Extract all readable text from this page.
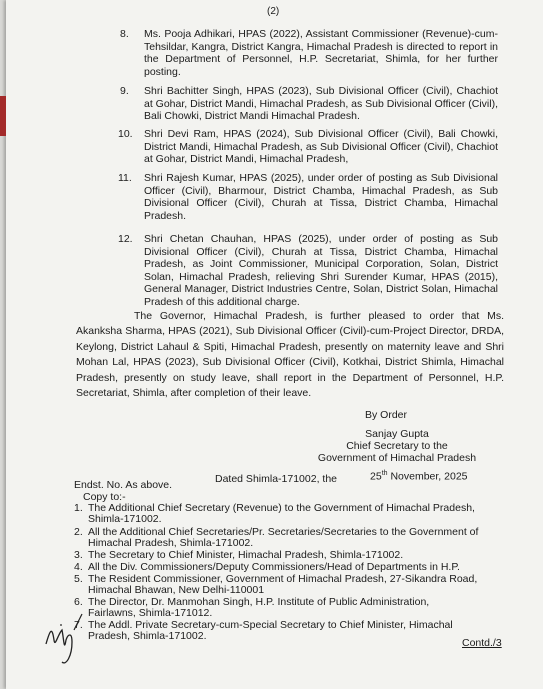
(2)
8. Ms. Pooja Adhikari, HPAS (2022), Assistant Commissioner (Revenue)-cum-Tehsildar, Kangra, District Kangra, Himachal Pradesh is directed to report in the Department of Personnel, H.P. Secretariat, Shimla, for her further posting.

9. Shri Bachitter Singh, HPAS (2023), Sub Divisional Officer (Civil), Chachiot at Gohar, District Mandi, Himachal Pradesh, as Sub Divisional Officer (Civil), Bali Chowki, District Mandi Himachal Pradesh.

10. Shri Devi Ram, HPAS (2024), Sub Divisional Officer (Civil), Bali Chowki, District Mandi, Himachal Pradesh, as Sub Divisional Officer (Civil), Chachiot at Gohar, District Mandi, Himachal Pradesh,

11. Shri Rajesh Kumar, HPAS (2025), under order of posting as Sub Divisional Officer (Civil), Bharmour, District Chamba, Himachal Pradesh, as Sub Divisional Officer (Civil), Churah at Tissa, District Chamba, Himachal Pradesh.

12. Shri Chetan Chauhan, HPAS (2025), under order of posting as Sub Divisional Officer (Civil), Churah at Tissa, District Chamba, Himachal Pradesh, as Joint Commissioner, Municipal Corporation, Solan, District Solan, Himachal Pradesh, relieving Shri Surender Kumar, HPAS (2015), General Manager, District Industries Centre, Solan, District Solan, Himachal Pradesh of this additional charge.

The Governor, Himachal Pradesh, is further pleased to order that Ms. Akanksha Sharma, HPAS (2021), Sub Divisional Officer (Civil)-cum-Project Director, DRDA, Keylong, District Lahaul & Spiti, Himachal Pradesh, presently on maternity leave and Shri Mohan Lal, HPAS (2023), Sub Divisional Officer (Civil), Kotkhai, District Shimla, Himachal Pradesh, presently on study leave, shall report in the Department of Personnel, H.P. Secretariat, Shimla, after completion of their leave.

By Order
Sanjay Gupta
Chief Secretary to the
Government of Himachal Pradesh
Endst. No. As above.	Dated Shimla-171002, the	25th November, 2025
Copy to:-
1. The Additional Chief Secretary (Revenue) to the Government of Himachal Pradesh,
Shimla-171002.
2. All the Additional Chief Secretaries/Pr. Secretaries/Secretaries to the Government of
Himachal Pradesh, Shimla-171002.
3. The Secretary to Chief Minister, Himachal Pradesh, Shimla-171002.
4. All the Div. Commissioners/Deputy Commissioners/Head of Departments in H.P.
5. The Resident Commissioner, Government of Himachal Pradesh, 27-Sikandra Road,
Himachal Bhawan, New Delhi-110001
6. The Director, Dr. Manmohan Singh, H.P. Institute of Public Administration,
Fairlawns, Shimla-171012.
7. The Addl. Private Secretary-cum-Special Secretary to Chief Minister, Himachal
Pradesh, Shimla-171002.
Contd./3
